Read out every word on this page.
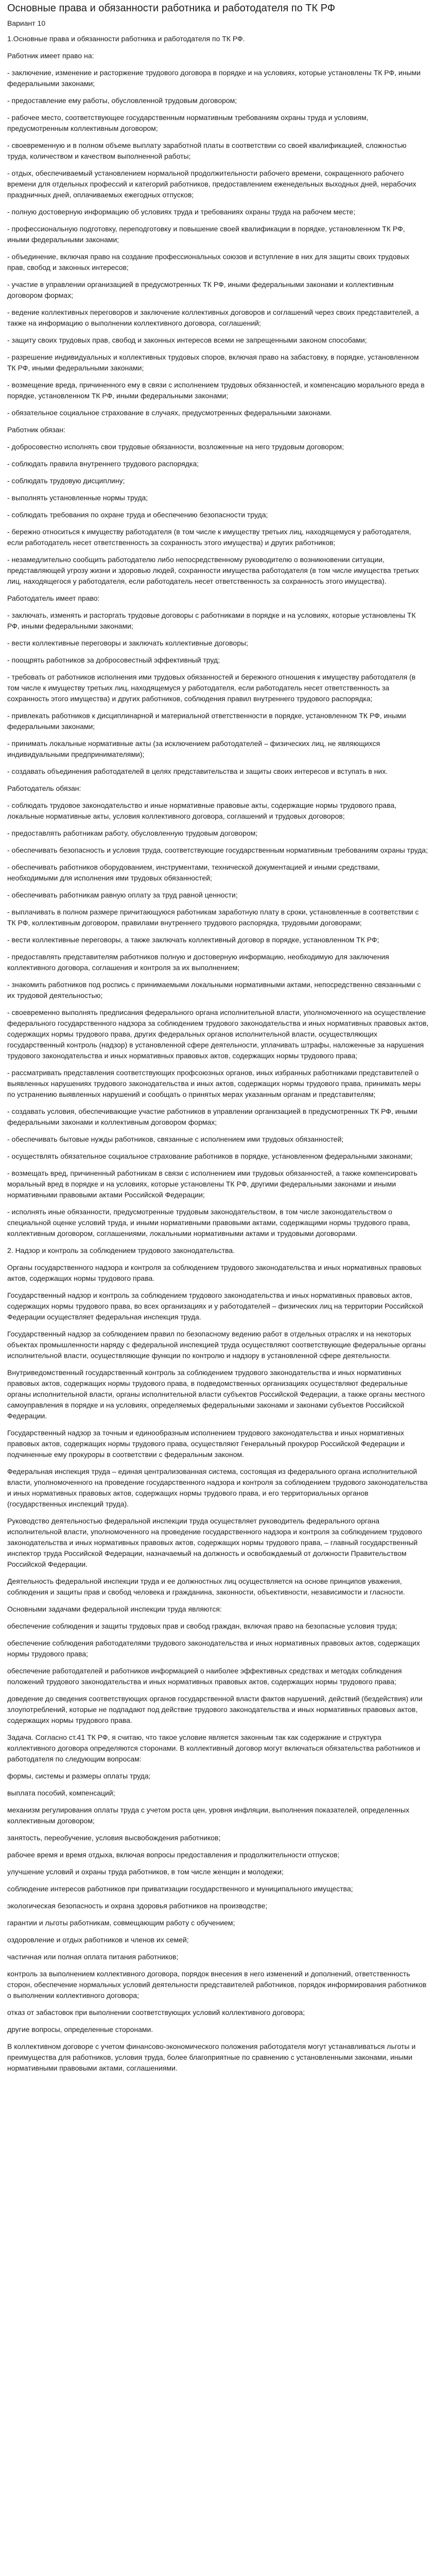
Основные права и обязанности работника и работодателя по ТК РФ
Вариант 10

1.Основные права и обязанности работника и работодателя по ТК РФ.

Работник имеет право на:

- заключение, изменение и расторжение трудового договора в порядке и на условиях, которые установлены ТК РФ, иными федеральными законами;

- предоставление ему работы, обусловленной трудовым договором;

- рабочее место, соответствующее государственным нормативным требованиям охраны труда и условиям, предусмотренным коллективным договором;

- своевременную и в полном объеме выплату заработной платы в соответствии со своей квалификацией, сложностью труда, количеством и качеством выполненной работы;

- отдых, обеспечиваемый установлением нормальной продолжительности рабочего времени, сокращенного рабочего времени для отдельных профессий и категорий работников, предоставлением еженедельных выходных дней, нерабочих праздничных дней, оплачиваемых ежегодных отпусков;

- полную достоверную информацию об условиях труда и требованиях охраны труда на рабочем месте;

- профессиональную подготовку, переподготовку и повышение своей квалификации в порядке, установленном ТК РФ, иными федеральными законами;

- объединение, включая право на создание профессиональных союзов и вступление в них для защиты своих трудовых прав, свобод и законных интересов;

- участие в управлении организацией в предусмотренных ТК РФ, иными федеральными законами и коллективным договором формах;

- ведение коллективных переговоров и заключение коллективных договоров и соглашений через своих представителей, а также на информацию о выполнении коллективного договора, соглашений;

- защиту своих трудовых прав, свобод и законных интересов всеми не запрещенными законом способами;

- разрешение индивидуальных и коллективных трудовых споров, включая право на забастовку, в порядке, установленном ТК РФ, иными федеральными законами;

- возмещение вреда, причиненного ему в связи с исполнением трудовых обязанностей, и компенсацию морального вреда в порядке, установленном ТК РФ, иными федеральными законами;

- обязательное социальное страхование в случаях, предусмотренных федеральными законами.

Работник обязан:

- добросовестно исполнять свои трудовые обязанности, возложенные на него трудовым договором;

- соблюдать правила внутреннего трудового распорядка;

- соблюдать трудовую дисциплину;

- выполнять установленные нормы труда;

- соблюдать требования по охране труда и обеспечению безопасности труда;

- бережно относиться к имуществу работодателя (в том числе к имуществу третьих лиц, находящемуся у работодателя, если работодатель несет ответственность за сохранность этого имущества) и других работников;

- незамедлительно сообщить работодателю либо непосредственному руководителю о возникновении ситуации, представляющей угрозу жизни и здоровью людей, сохранности имущества работодателя (в том числе имущества третьих лиц, находящегося у работодателя, если работодатель несет ответственность за сохранность этого имущества).

Работодатель имеет право:

- заключать, изменять и расторгать трудовые договоры с работниками в порядке и на условиях, которые установлены ТК РФ, иными федеральными законами;

- вести коллективные переговоры и заключать коллективные договоры;

- поощрять работников за добросовестный эффективный труд;

- требовать от работников исполнения ими трудовых обязанностей и бережного отношения к имуществу работодателя (в том числе к имуществу третьих лиц, находящемуся у работодателя, если работодатель несет ответственность за сохранность этого имущества) и других работников, соблюдения правил внутреннего трудового распорядка;

- привлекать работников к дисциплинарной и материальной ответственности в порядке, установленном ТК РФ, иными федеральными законами;

- принимать локальные нормативные акты (за исключением работодателей – физических лиц, не являющихся индивидуальными предпринимателями);

- создавать объединения работодателей в целях представительства и защиты своих интересов и вступать в них.

Работодатель обязан:

- соблюдать трудовое законодательство и иные нормативные правовые акты, содержащие нормы трудового права, локальные нормативные акты, условия коллективного договора, соглашений и трудовых договоров;

- предоставлять работникам работу, обусловленную трудовым договором;

- обеспечивать безопасность и условия труда, соответствующие государственным нормативным требованиям охраны труда;

- обеспечивать работников оборудованием, инструментами, технической документацией и иными средствами, необходимыми для исполнения ими трудовых обязанностей;

- обеспечивать работникам равную оплату за труд равной ценности;

- выплачивать в полном размере причитающуюся работникам заработную плату в сроки, установленные в соответствии с ТК РФ, коллективным договором, правилами внутреннего трудового распорядка, трудовыми договорами;

- вести коллективные переговоры, а также заключать коллективный договор в порядке, установленном ТК РФ;

- предоставлять представителям работников полную и достоверную информацию, необходимую для заключения коллективного договора, соглашения и контроля за их выполнением;

- знакомить работников под роспись с принимаемыми локальными нормативными актами, непосредственно связанными с их трудовой деятельностью;

- своевременно выполнять предписания федерального органа исполнительной власти, уполномоченного на осуществление федерального государственного надзора за соблюдением трудового законодательства и иных нормативных правовых актов, содержащих нормы трудового права, других федеральных органов исполнительной власти, осуществляющих государственный контроль (надзор) в установленной сфере деятельности, уплачивать штрафы, наложенные за нарушения трудового законодательства и иных нормативных правовых актов, содержащих нормы трудового права;

- рассматривать представления соответствующих профсоюзных органов, иных избранных работниками представителей о выявленных нарушениях трудового законодательства и иных актов, содержащих нормы трудового права, принимать меры по устранению выявленных нарушений и сообщать о принятых мерах указанным органам и представителям;

- создавать условия, обеспечивающие участие работников в управлении организацией в предусмотренных ТК РФ, иными федеральными законами и коллективным договором формах;

- обеспечивать бытовые нужды работников, связанные с исполнением ими трудовых обязанностей;

- осуществлять обязательное социальное страхование работников в порядке, установленном федеральными законами;

- возмещать вред, причиненный работникам в связи с исполнением ими трудовых обязанностей, а также компенсировать моральный вред в порядке и на условиях, которые установлены ТК РФ, другими федеральными законами и иными нормативными правовыми актами Российской Федерации;

- исполнять иные обязанности, предусмотренные трудовым законодательством, в том числе законодательством о специальной оценке условий труда, и иными нормативными правовыми актами, содержащими нормы трудового права, коллективным договором, соглашениями, локальными нормативными актами и трудовыми договорами.

2. Надзор и контроль за соблюдением трудового законодательства.

Органы государственного надзора и контроля за соблюдением трудового законодательства и иных нормативных правовых актов, содержащих нормы трудового права.

Государственный надзор и контроль за соблюдением трудового законодательства и иных нормативных правовых актов, содержащих нормы трудового права, во всех организациях и у работодателей – физических лиц на территории Российской Федерации осуществляет федеральная инспекция труда.

Государственный надзор за соблюдением правил по безопасному ведению работ в отдельных отраслях и на некоторых объектах промышленности наряду с федеральной инспекцией труда осуществляют соответствующие федеральные органы исполнительной власти, осуществляющие функции по контролю и надзору в установленной сфере деятельности.

Внутриведомственный государственный контроль за соблюдением трудового законодательства и иных нормативных правовых актов, содержащих нормы трудового права, в подведомственных организациях осуществляют федеральные органы исполнительной власти, органы исполнительной власти субъектов Российской Федерации, а также органы местного самоуправления в порядке и на условиях, определяемых федеральными законами и законами субъектов Российской Федерации.

Государственный надзор за точным и единообразным исполнением трудового законодательства и иных нормативных правовых актов, содержащих нормы трудового права, осуществляют Генеральный прокурор Российской Федерации и подчиненные ему прокуроры в соответствии с федеральным законом.

Федеральная инспекция труда – единая централизованная система, состоящая из федерального органа исполнительной власти, уполномоченного на проведение государственного надзора и контроля за соблюдением трудового законодательства и иных нормативных правовых актов, содержащих нормы трудового права, и его территориальных органов (государственных инспекций труда).

Руководство деятельностью федеральной инспекции труда осуществляет руководитель федерального органа исполнительной власти, уполномоченного на проведение государственного надзора и контроля за соблюдением трудового законодательства и иных нормативных правовых актов, содержащих нормы трудового права, – главный государственный инспектор труда Российской Федерации, назначаемый на должность и освобождаемый от должности Правительством Российской Федерации.

Деятельность федеральной инспекции труда и ее должностных лиц осуществляется на основе принципов уважения, соблюдения и защиты прав и свобод человека и гражданина, законности, объективности, независимости и гласности.

Основными задачами федеральной инспекции труда являются:

обеспечение соблюдения и защиты трудовых прав и свобод граждан, включая право на безопасные условия труда;

обеспечение соблюдения работодателями трудового законодательства и иных нормативных правовых актов, содержащих нормы трудового права;

обеспечение работодателей и работников информацией о наиболее эффективных средствах и методах соблюдения положений трудового законодательства и иных нормативных правовых актов, содержащих нормы трудового права;

доведение до сведения соответствующих органов государственной власти фактов нарушений, действий (бездействия) или злоупотреблений, которые не подпадают под действие трудового законодательства и иных нормативных правовых актов, содержащих нормы трудового права.

Задача. Согласно ст.41 ТК РФ, я считаю, что такое условие является законным так как содержание и структура коллективного договора определяются сторонами. В коллективный договор могут включаться обязательства работников и работодателя по следующим вопросам:

формы, системы и размеры оплаты труда;

выплата пособий, компенсаций;

механизм регулирования оплаты труда с учетом роста цен, уровня инфляции, выполнения показателей, определенных коллективным договором;

занятость, переобучение, условия высвобождения работников;

рабочее время и время отдыха, включая вопросы предоставления и продолжительности отпусков;

улучшение условий и охраны труда работников, в том числе женщин и молодежи;

соблюдение интересов работников при приватизации государственного и муниципального имущества;

экологическая безопасность и охрана здоровья работников на производстве;

гарантии и льготы работникам, совмещающим работу с обучением;

оздоровление и отдых работников и членов их семей;

частичная или полная оплата питания работников;

контроль за выполнением коллективного договора, порядок внесения в него изменений и дополнений, ответственность сторон, обеспечение нормальных условий деятельности представителей работников, порядок информирования работников о выполнении коллективного договора;

отказ от забастовок при выполнении соответствующих условий коллективного договора;

другие вопросы, определенные сторонами.

В коллективном договоре с учетом финансово-экономического положения работодателя могут устанавливаться льготы и преимущества для работников, условия труда, более благоприятные по сравнению с установленными законами, иными нормативными правовыми актами, соглашениями.
